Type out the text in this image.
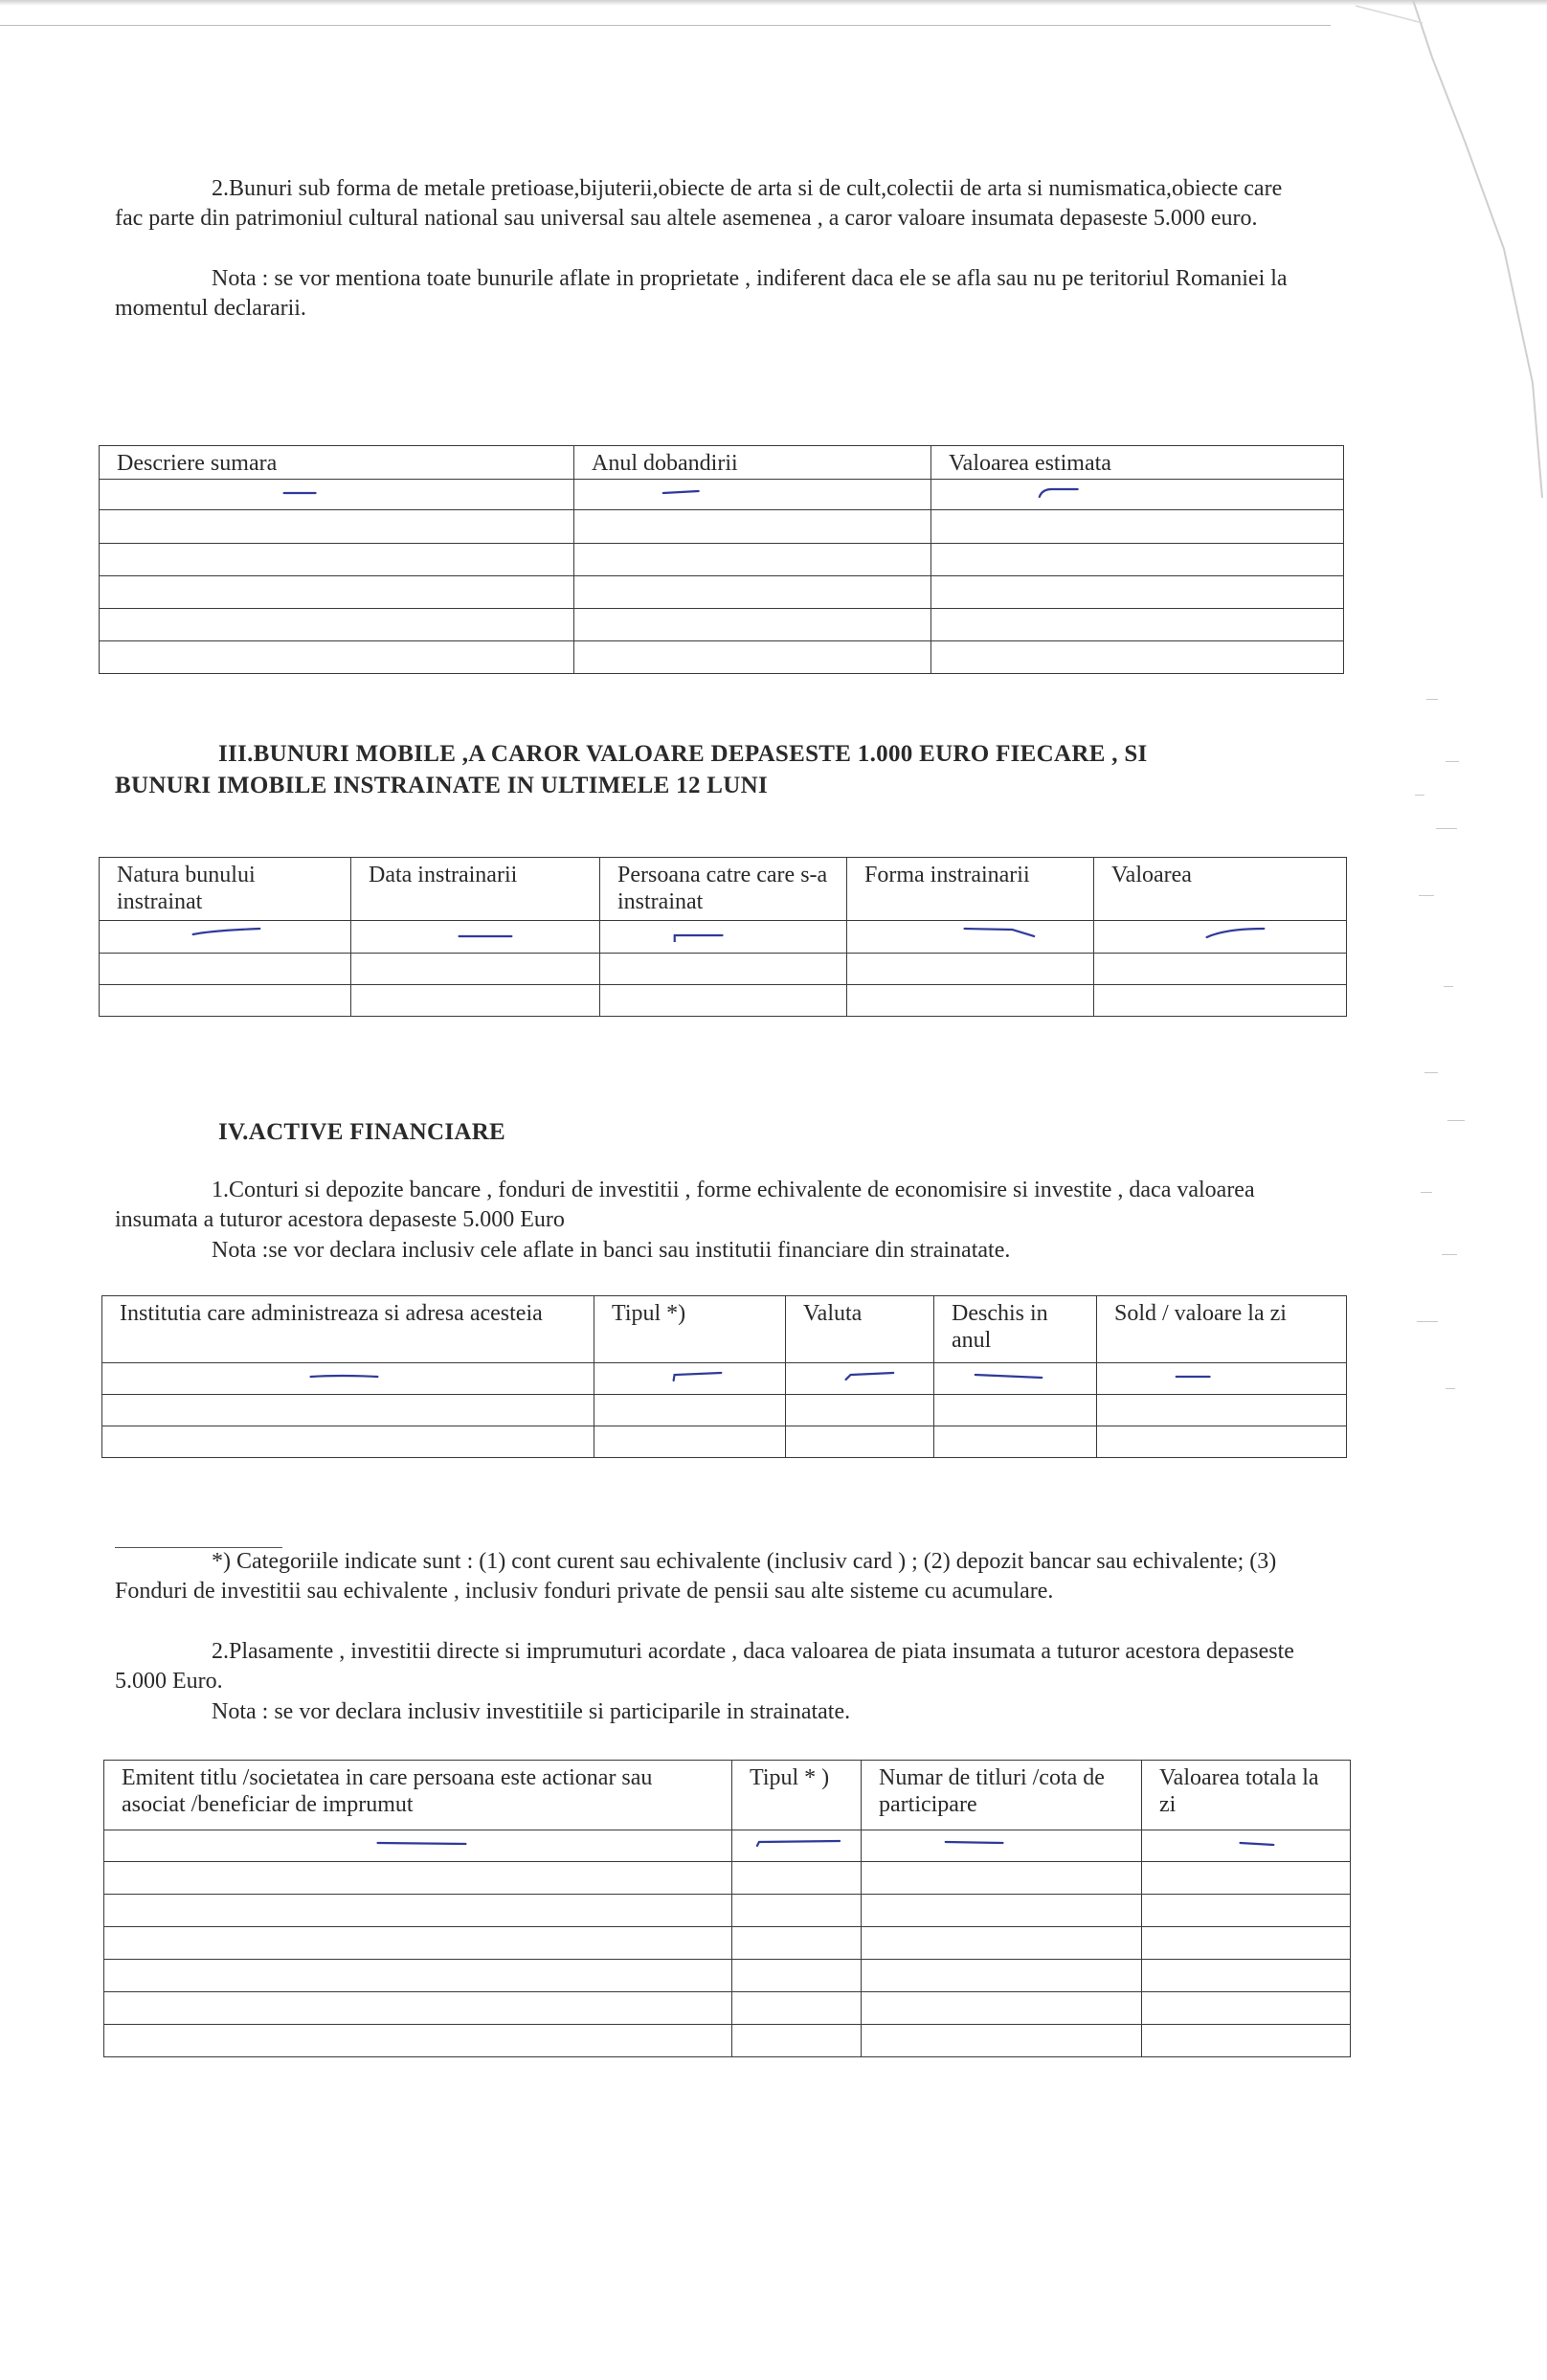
2.Bunuri sub forma de metale pretioase,bijuterii,obiecte de arta si de cult,colectii de arta si numismatica,obiecte care fac parte din patrimoniul cultural national sau universal sau altele asemenea , a caror valoare insumata depaseste 5.000 euro.

Nota : se vor mentiona toate bunurile aflate in proprietate , indiferent daca ele se afla sau nu pe teritoriul Romaniei la momentul declararii.

Descriere sumara	Anul dobandirii	Valoarea estimata

III.BUNURI MOBILE ,A CAROR VALOARE DEPASESTE 1.000 EURO FIECARE , SI

BUNURI IMOBILE INSTRAINATE IN ULTIMELE 12 LUNI

Natura bunului instrainat	Data instrainarii	Persoana catre care s-a instrainat	Forma instrainarii	Valoarea

IV.ACTIVE FINANCIARE

1.Conturi si depozite bancare , fonduri de investitii , forme echivalente de economisire si investite , daca valoarea insumata a tuturor acestora depaseste 5.000 Euro

Nota :se vor declara inclusiv cele aflate in banci sau institutii financiare din strainatate.

Institutia care administreaza si adresa acesteia	Tipul *)	Valuta	Deschis in anul	Sold / valoare la zi

*) Categoriile indicate sunt : (1) cont curent sau echivalente (inclusiv card ) ; (2) depozit bancar sau echivalente; (3) Fonduri de investitii sau echivalente , inclusiv fonduri private de pensii sau alte sisteme cu acumulare.

2.Plasamente , investitii directe si imprumuturi acordate , daca valoarea de piata insumata a tuturor acestora depaseste 5.000 Euro.

Nota : se vor declara inclusiv investitiile si participarile in strainatate.

Emitent titlu /societatea in care persoana este actionar sau asociat /beneficiar de imprumut	Tipul * )	Numar de titluri /cota de participare	Valoarea totala la zi
